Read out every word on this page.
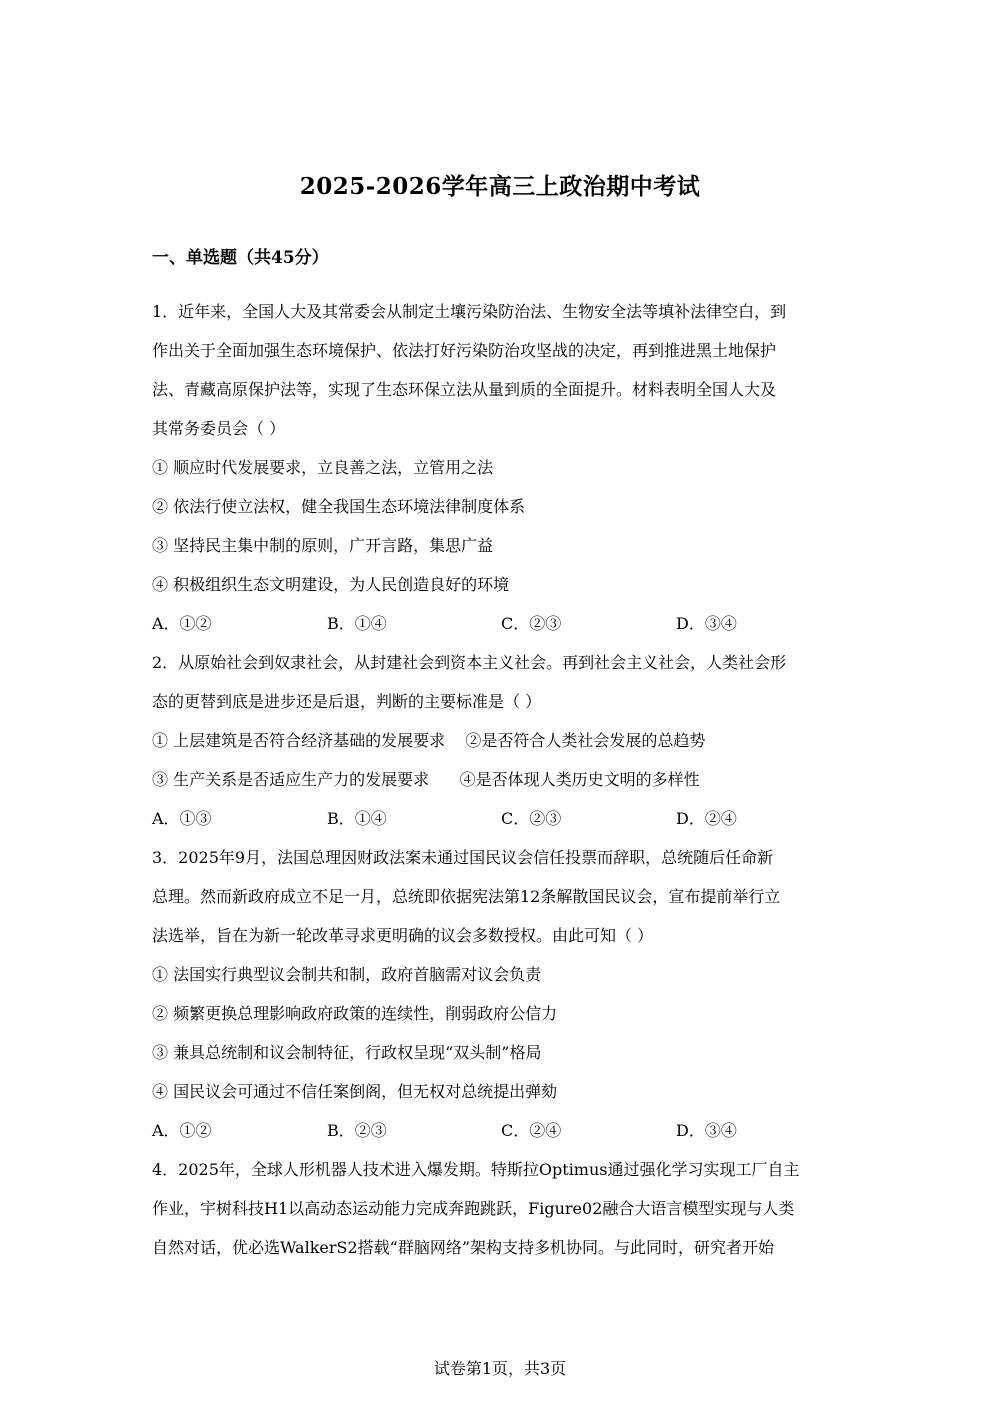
2025-2026学年高三上政治期中考试
一、单选题（共45分）
1．近年来，全国人大及其常委会从制定土壤污染防治法、生物安全法等填补法律空白，到
作出关于全面加强生态环境保护、依法打好污染防治攻坚战的决定，再到推进黑土地保护
法、青藏高原保护法等，实现了生态环保立法从量到质的全面提升。材料表明全国人大及
其常务委员会（ ）
① 顺应时代发展要求，立良善之法，立管用之法
② 依法行使立法权，健全我国生态环境法律制度体系
③ 坚持民主集中制的原则，广开言路，集思广益
④ 积极组织生态文明建设，为人民创造良好的环境
A．①②	B．①④	C．②③	D．③④
2．从原始社会到奴隶社会，从封建社会到资本主义社会。再到社会主义社会，人类社会形
态的更替到底是进步还是后退，判断的主要标准是（ ）
① 上层建筑是否符合经济基础的发展要求    ②是否符合人类社会发展的总趋势
③ 生产关系是否适应生产力的发展要求      ④是否体现人类历史文明的多样性
A．①③	B．①④	C．②③	D．②④
3．2025年9月，法国总理因财政法案未通过国民议会信任投票而辞职，总统随后任命新
总理。然而新政府成立不足一月，总统即依据宪法第12条解散国民议会，宣布提前举行立
法选举，旨在为新一轮改革寻求更明确的议会多数授权。由此可知（ ）
① 法国实行典型议会制共和制，政府首脑需对议会负责
② 频繁更换总理影响政府政策的连续性，削弱政府公信力
③ 兼具总统制和议会制特征，行政权呈现“双头制”格局
④ 国民议会可通过不信任案倒阁，但无权对总统提出弹劾
A．①②	B．②③	C．②④	D．③④
4．2025年，全球人形机器人技术进入爆发期。特斯拉Optimus通过强化学习实现工厂自主
作业，宇树科技H1以高动态运动能力完成奔跑跳跃，Figure02融合大语言模型实现与人类
自然对话，优必选WalkerS2搭载“群脑网络”架构支持多机协同。与此同时，研究者开始
试卷第1页，共3页
